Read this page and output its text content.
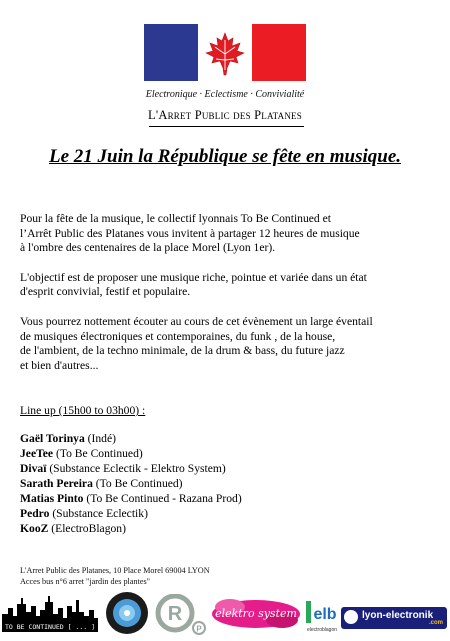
Electronique · Eclectisme · Convivialité
L'Arret Public des Platanes
Le 21 Juin la République se fête en musique.

Pour la fête de la musique, le collectif lyonnais To Be Continued et
l’Arrêt Public des Platanes vous invitent à partager 12 heures de musique
à l'ombre des centenaires de la place Morel (Lyon 1er).

L'objectif est de proposer une musique riche, pointue et variée dans un état
d'esprit convivial, festif et populaire.

Vous pourrez nottement écouter au cours de cet évènement un large éventail
de musiques électroniques et contemporaines, du funk , de la house,
de l'ambient, de la techno minimale, de la drum & bass, du future jazz
et bien d'autres...

Line up (15h00 to 03h00) :
Gaël Torinya (Indé)
JeeTee (To Be Continued)
Divaï (Substance Eclectik - Elektro System)
Sarath Pereira (To Be Continued)
Matias Pinto (To Be Continued - Razana Prod)
Pedro (Substance Eclectik)
KooZ (ElectroBlagon)
L'Arret Public des Platanes, 10 Place Morel 69004 LYON
Acces bus n°6 arret "jardin des plantes"
TO BE CONTINUED [ ... ]
R
P
elektro system elb
electroblagon
lyon-electronik
.com
